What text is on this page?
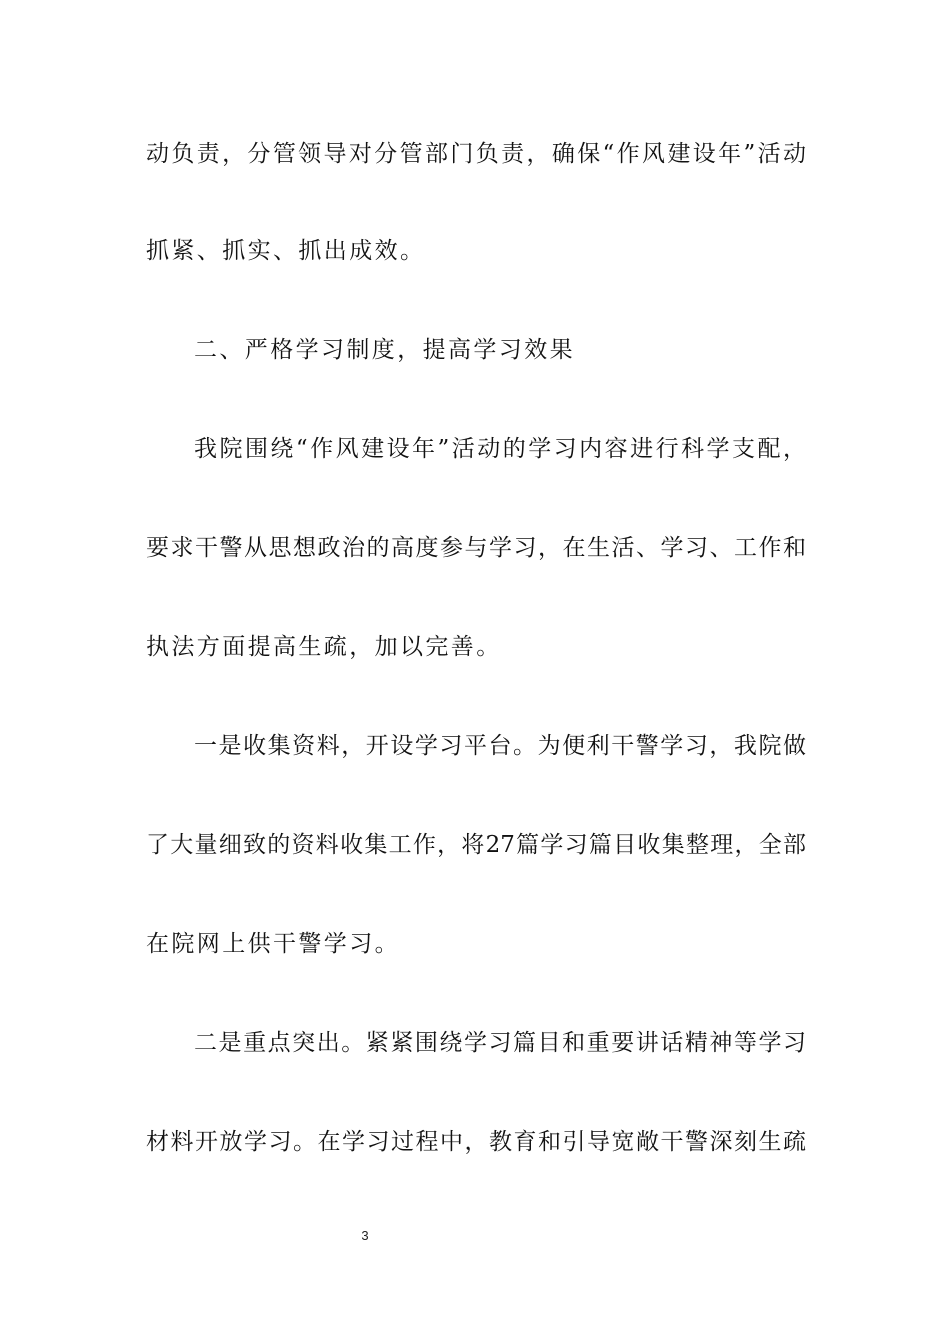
动负责，分管领导对分管部门负责，确保“作风建设年”活动
抓紧、抓实、抓出成效。
二、严格学习制度，提高学习效果
我院围绕“作风建设年”活动的学习内容进行科学支配，
要求干警从思想政治的高度参与学习，在生活、学习、工作和
执法方面提高生疏，加以完善。
一是收集资料，开设学习平台。为便利干警学习，我院做
了大量细致的资料收集工作，将27篇学习篇目收集整理，全部
在院网上供干警学习。
二是重点突出。紧紧围绕学习篇目和重要讲话精神等学习
材料开放学习。在学习过程中，教育和引导宽敞干警深刻生疏
3
